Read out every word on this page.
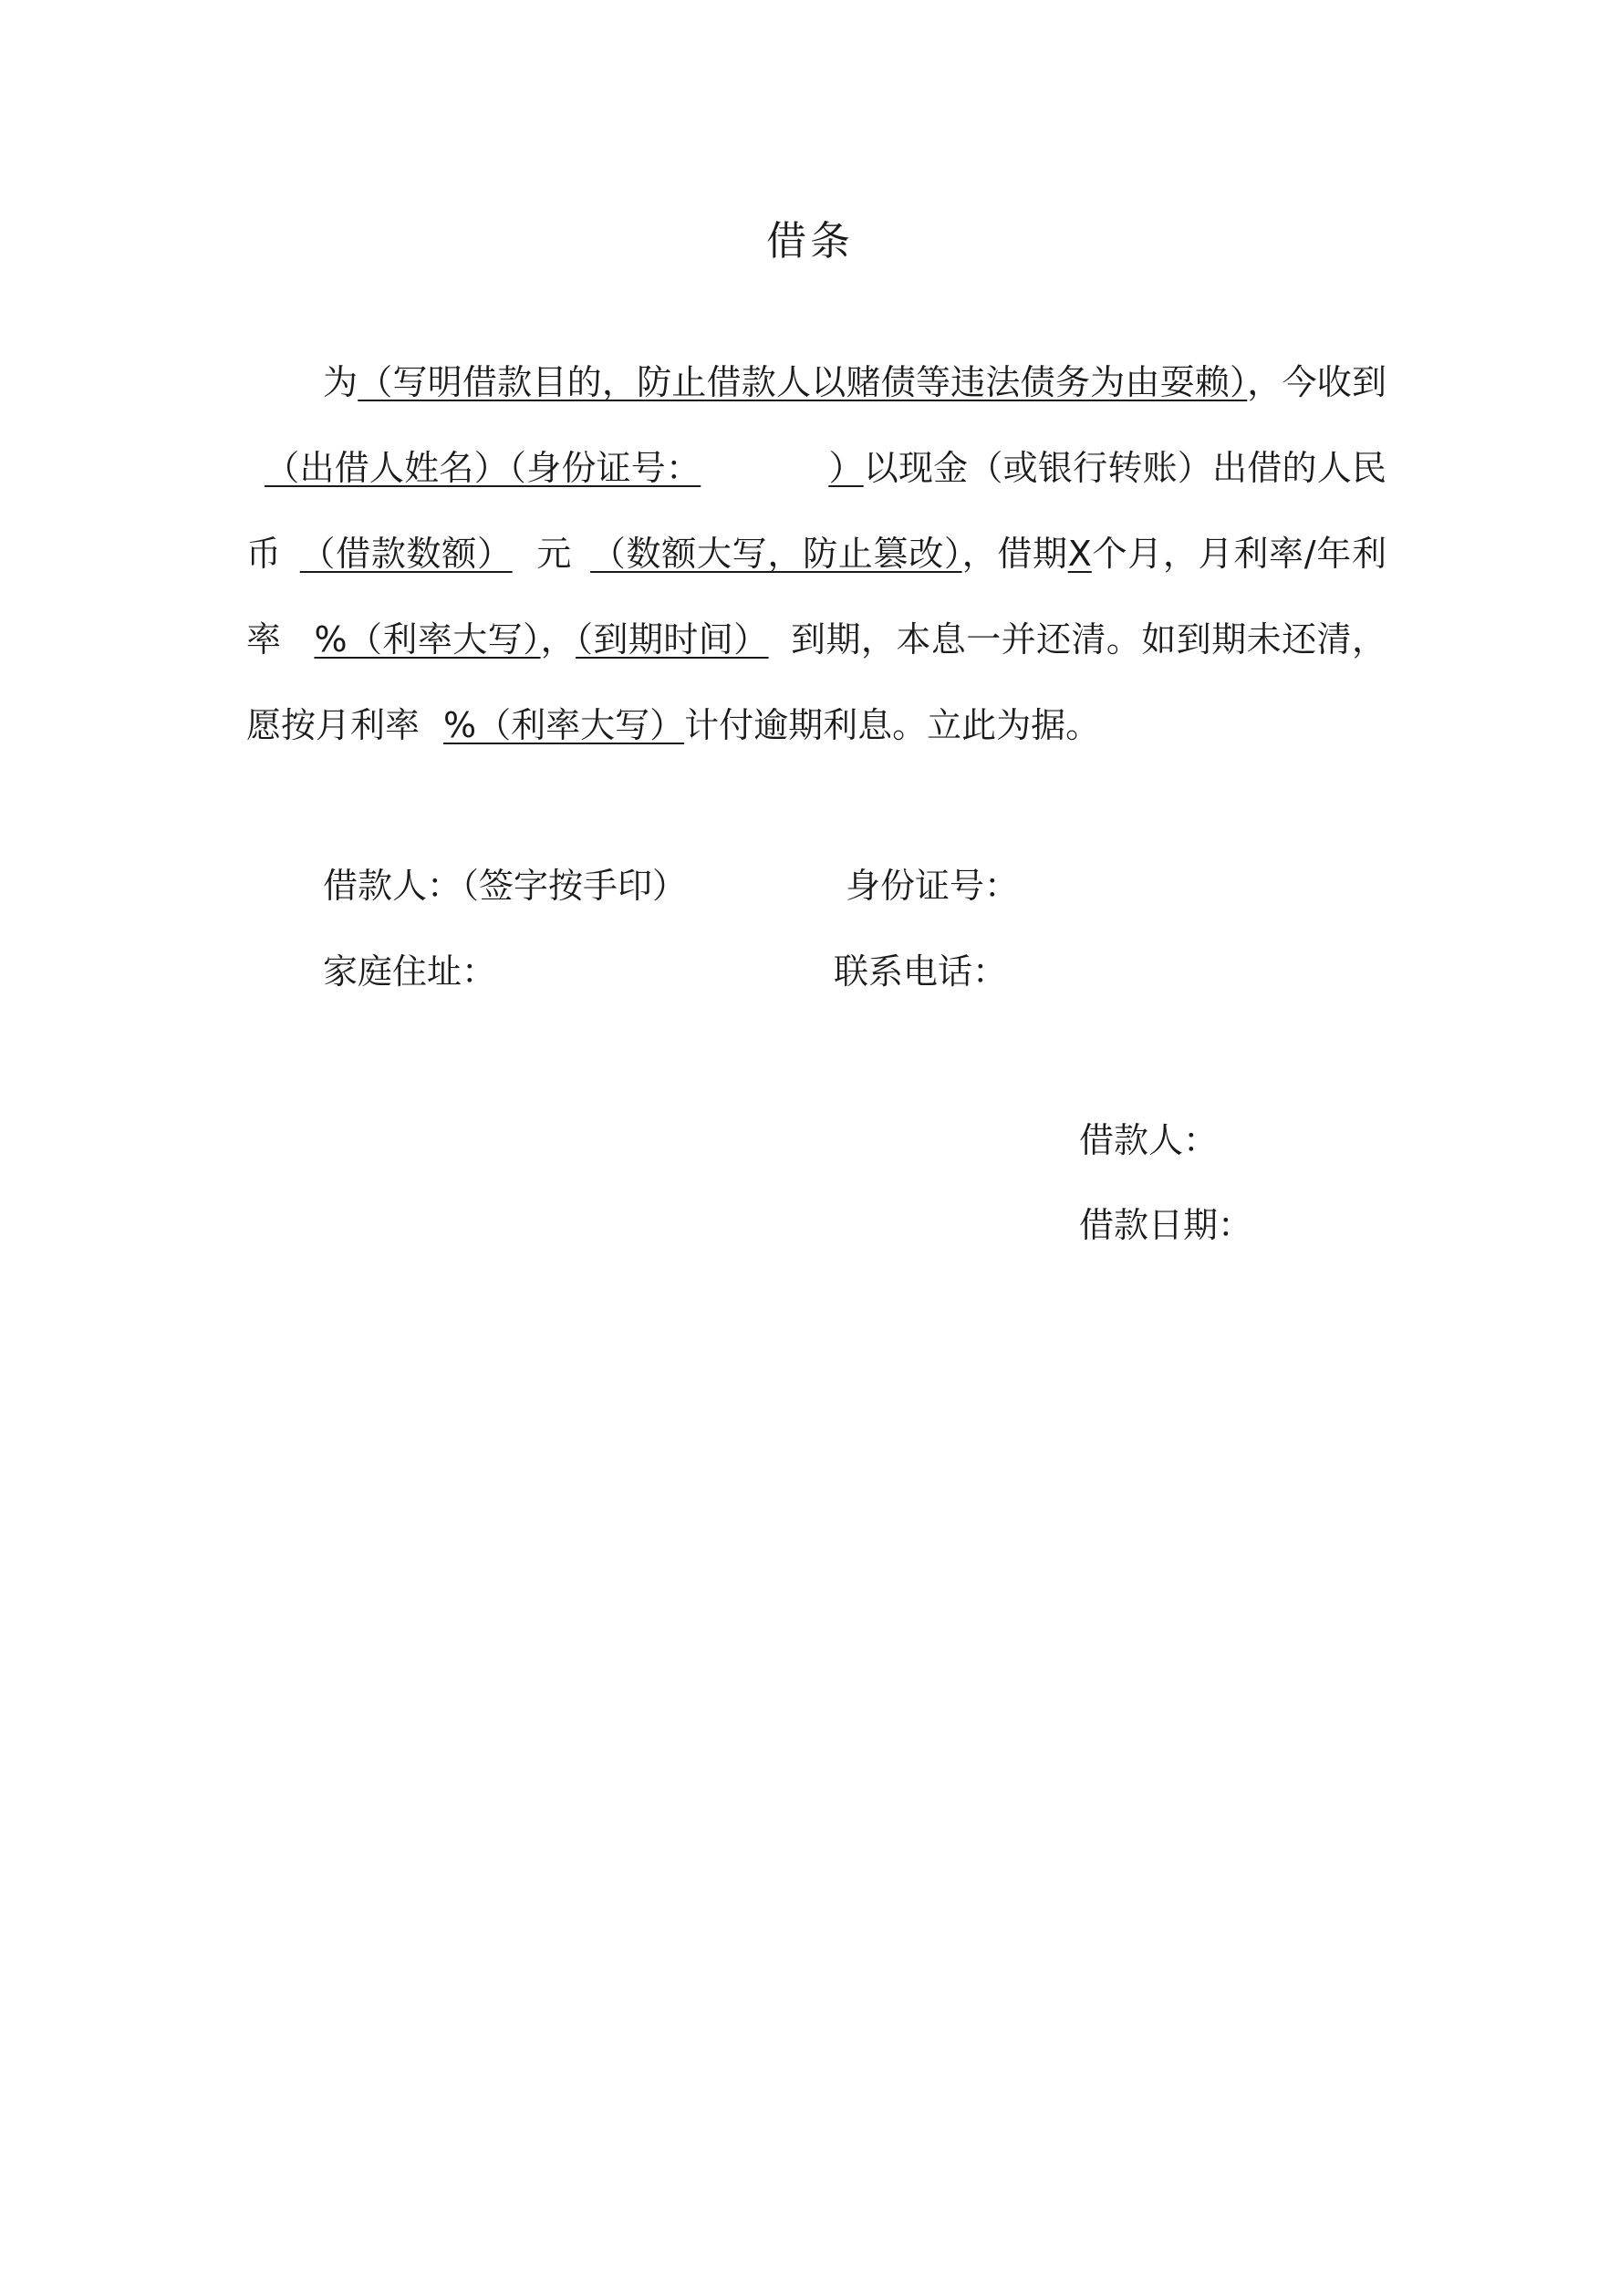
借条

为（写明借款目的，防止借款人以赌债等违法债务为由耍赖），今收到（出借人姓名）（身份证号：	）以现金（或银行转账）出借的人民币 （借款数额） 元 （数额大写，防止篡改），借期X个月，月利率/年利率 %（利率大写），（到期时间） 到期，本息一并还清。如到期未还清，愿按月利率 %（利率大写）计付逾期利息。立此为据。

借款人：（签字按手印）	身份证号：
家庭住址：	联系电话：
借款人：
借款日期：
